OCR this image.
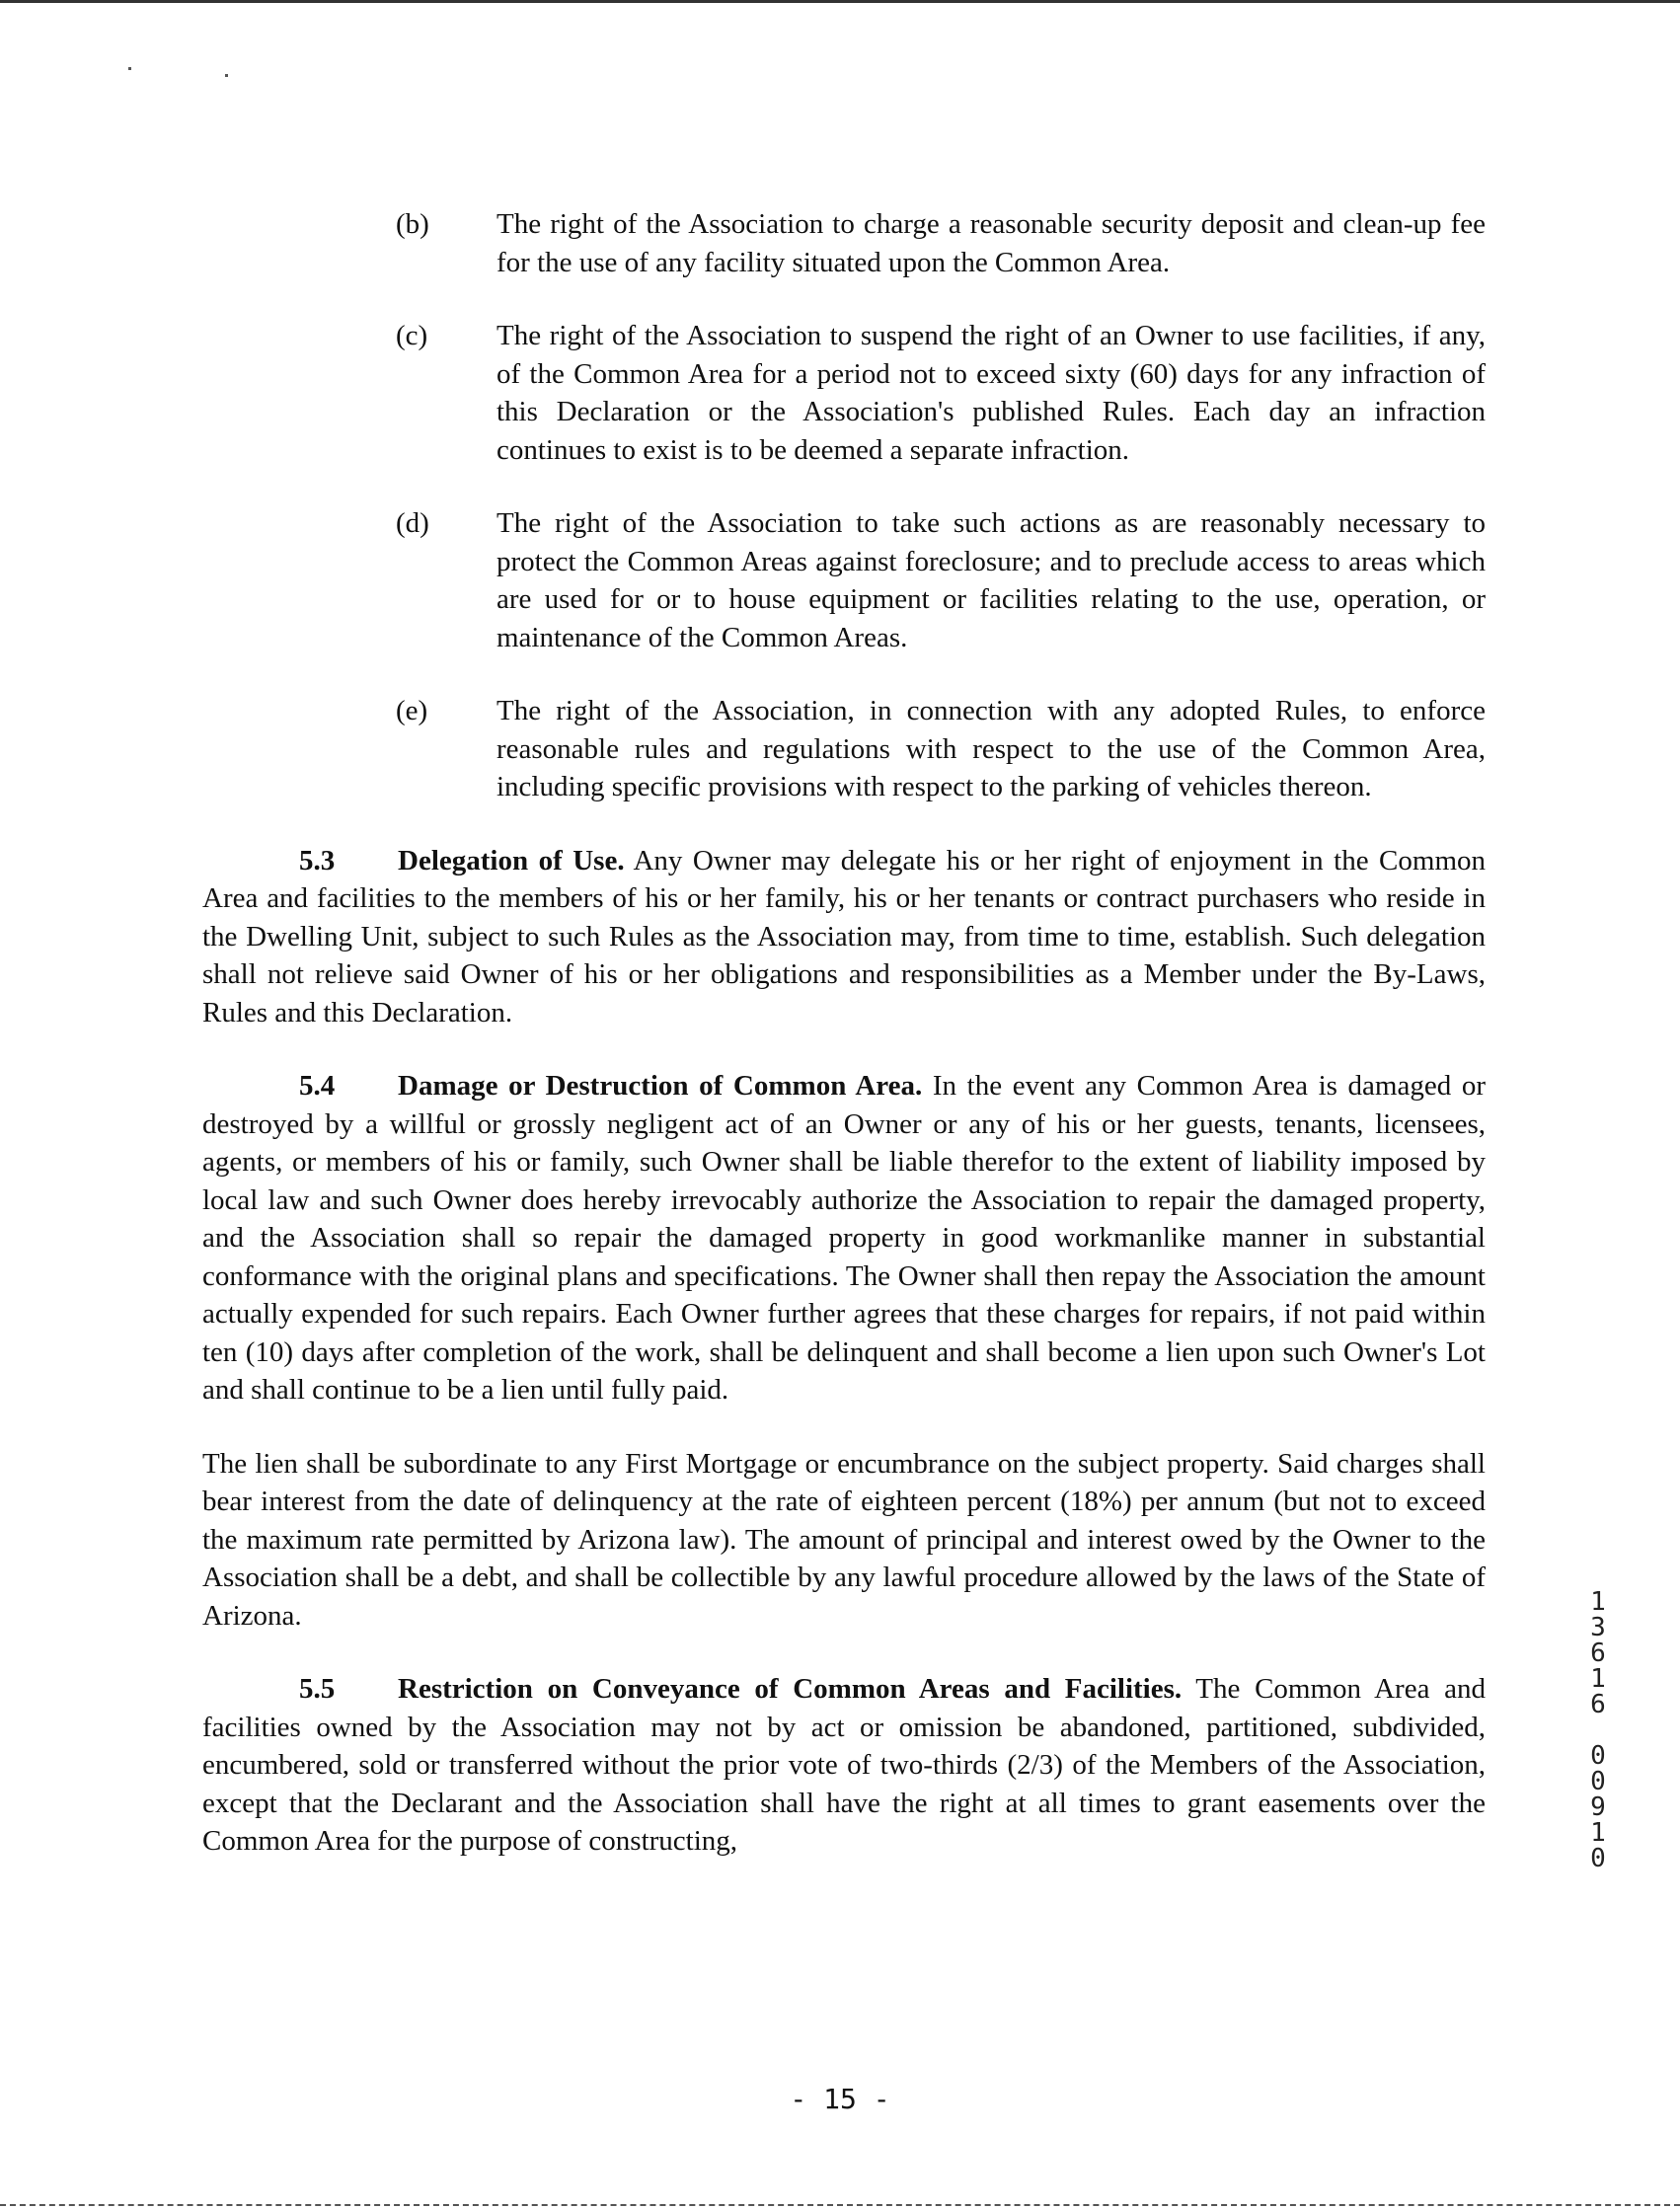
(b)	The right of the Association to charge a reasonable security deposit and clean-up fee for the use of any facility situated upon the Common Area.
(c)	The right of the Association to suspend the right of an Owner to use facilities, if any, of the Common Area for a period not to exceed sixty (60) days for any infraction of this Declaration or the Association's published Rules. Each day an infraction continues to exist is to be deemed a separate infraction.
(d)	The right of the Association to take such actions as are reasonably necessary to protect the Common Areas against foreclosure; and to preclude access to areas which are used for or to house equipment or facilities relating to the use, operation, or maintenance of the Common Areas.
(e)	The right of the Association, in connection with any adopted Rules, to enforce reasonable rules and regulations with respect to the use of the Common Area, including specific provisions with respect to the parking of vehicles thereon.

5.3 Delegation of Use. Any Owner may delegate his or her right of enjoyment in the Common Area and facilities to the members of his or her family, his or her tenants or contract purchasers who reside in the Dwelling Unit, subject to such Rules as the Association may, from time to time, establish. Such delegation shall not relieve said Owner of his or her obligations and responsibilities as a Member under the By-Laws, Rules and this Declaration.

5.4 Damage or Destruction of Common Area. In the event any Common Area is damaged or destroyed by a willful or grossly negligent act of an Owner or any of his or her guests, tenants, licensees, agents, or members of his or family, such Owner shall be liable therefor to the extent of liability imposed by local law and such Owner does hereby irrevocably authorize the Association to repair the damaged property, and the Association shall so repair the damaged property in good workmanlike manner in substantial conformance with the original plans and specifications. The Owner shall then repay the Association the amount actually expended for such repairs. Each Owner further agrees that these charges for repairs, if not paid within ten (10) days after completion of the work, shall be delinquent and shall become a lien upon such Owner's Lot and shall continue to be a lien until fully paid.

The lien shall be subordinate to any First Mortgage or encumbrance on the subject property. Said charges shall bear interest from the date of delinquency at the rate of eighteen percent (18%) per annum (but not to exceed the maximum rate permitted by Arizona law). The amount of principal and interest owed by the Owner to the Association shall be a debt, and shall be collectible by any lawful procedure allowed by the laws of the State of Arizona.

5.5 Restriction on Conveyance of Common Areas and Facilities. The Common Area and facilities owned by the Association may not by act or omission be abandoned, partitioned, subdivided, encumbered, sold or transferred without the prior vote of two-thirds (2/3) of the Members of the Association, except that the Declarant and the Association shall have the right at all times to grant easements over the Common Area for the purpose of constructing,

1
3
6
1
6
0
0
9
1
0
- 15 -
